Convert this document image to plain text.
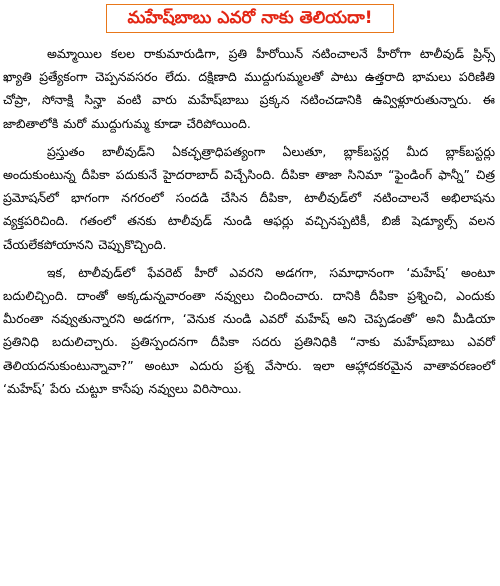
మహేష్‌బాబు ఎవరో నాకు తెలియదా!

అమ్మాయిల కలల రాకుమారుడిగా, ప్రతి హీరోయిన్ నటించాలనే హీరోగా టాలీవుడ్ ప్రిన్స్ ఖ్యాతి ప్రత్యేకంగా చెప్పనవసరం లేదు. దక్షిణాది ముద్దుగుమ్మలతో పాటు ఉత్తరాది భామలు పరిణితి చోప్రా, సోనాక్షి సిన్హా వంటి వారు మహేష్‌బాబు ప్రక్కన నటించడానికి ఉవ్విళ్లూరుతున్నారు. ఈ జాబితాలోకి మరో ముద్దుగుమ్మ కూడా చేరిపోయింది.

ప్రస్తుతం బాలీవుడ్‌ని ఏకచ్ఛత్రాధిపత్యంగా ఏలుతూ, బ్లాక్‌బస్టర్ల మీద బ్లాక్‌బస్టర్లు అందుకుంటున్న దీపికా పదుకునే హైదరాబాద్ విచ్చేసింది. దీపికా తాజా సినిమా “ఫైండింగ్ ఫాన్నీ” చిత్ర ప్రమోషన్‌లో భాగంగా నగరంలో సందడి చేసిన దీపికా, టాలీవుడ్‌లో నటించాలనే అభిలాషను వ్యక్తపరిచింది. గతంలో తనకు టాలీవుడ్ నుండి ఆఫర్లు వచ్చినప్పటికీ, బిజీ షెడ్యూల్స్ వలన చేయలేకపోయానని చెప్పుకొచ్చింది.

ఇక, టాలీవుడ్‌లో ఫేవరెట్ హీరో ఎవరని అడగగా, సమాధానంగా ‘మహేష్’ అంటూ బదులిచ్చింది. దాంతో అక్కడున్నవారంతా నవ్వులు చిందించారు. దానికి దీపికా ప్రశ్నించి, ఎందుకు మీరంతా నవ్వుతున్నారని అడగగా, ‘వెనుక నుండి ఎవరో మహేష్ అని చెప్పడంతో’ అని మీడియా ప్రతినిధి బదులిచ్చారు. ప్రతిస్పందనగా దీపికా సదరు ప్రతినిధికి “నాకు మహేష్‌బాబు ఎవరో తెలియదనుకుంటున్నావా?” అంటూ ఎదురు ప్రశ్న వేసారు. ఇలా ఆహ్లాదకరమైన వాతావరణంలో ‘మహేష్’ పేరు చుట్టూ కాసేపు నవ్వులు విరిసాయి.
